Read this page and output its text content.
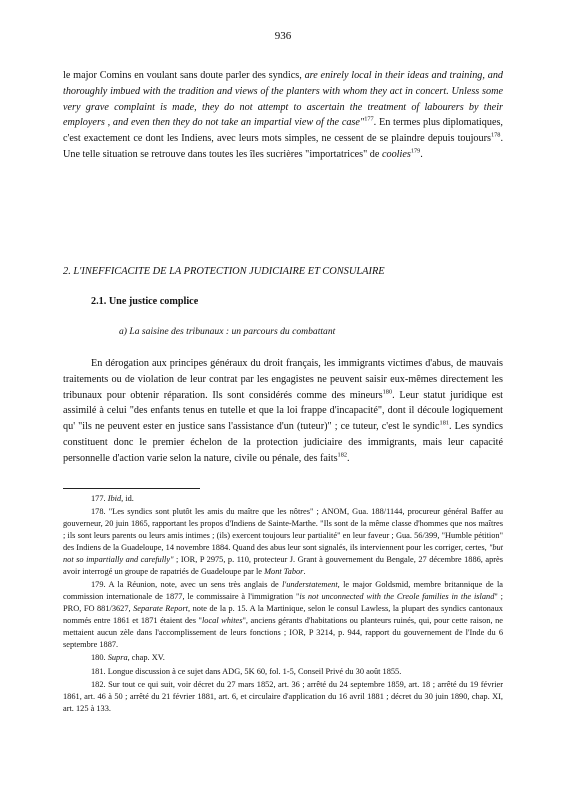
936
le major Comins en voulant sans doute parler des syndics, are enirely local in their ideas and training, and thoroughly imbued with the tradition and views of the planters with whom they act in concert. Unless some very grave complaint is made, they do not attempt to ascertain the treatment of labourers by their employers , and even then they do not take an impartial view of the case"$^{177}$. En termes plus diplomatiques, c'est exactement ce dont les Indiens, avec leurs mots simples, ne cessent de se plaindre depuis toujours$^{178}$. Une telle situation se retrouve dans toutes les îles sucrières "importatrices" de coolies$^{179}$.
2. L'INEFFICACITE DE LA PROTECTION JUDICIAIRE ET CONSULAIRE
2.1. Une justice complice
a) La saisine des tribunaux : un parcours du combattant
En dérogation aux principes généraux du droit français, les immigrants victimes d'abus, de mauvais traitements ou de violation de leur contrat par les engagistes ne peuvent saisir eux-mêmes directement les tribunaux pour obtenir réparation. Ils sont considérés comme des mineurs$^{180}$. Leur statut juridique est assimilé à celui "des enfants tenus en tutelle et que la loi frappe d'incapacité", dont il découle logiquement qu' "ils ne peuvent ester en justice sans l'assistance d'un (tuteur)" ; ce tuteur, c'est le syndic$^{181}$. Les syndics constituent donc le premier échelon de la protection judiciaire des immigrants, mais leur capacité personnelle d'action varie selon la nature, civile ou pénale, des faits$^{182}$.

177. Ibid, id.

178. "Les syndics sont plutôt les amis du maître que les nôtres" ; ANOM, Gua. 188/1144, procureur général Baffer au gouverneur, 20 juin 1865, rapportant les propos d'Indiens de Sainte-Marthe. "Ils sont de la même classe d'hommes que nos maîtres ; ils sont leurs parents ou leurs amis intimes ; (ils) exercent toujours leur partialité" en leur faveur ; Gua. 56/399, "Humble pétition" des Indiens de la Guadeloupe, 14 novembre 1884. Quand des abus leur sont signalés, ils interviennent pour les corriger, certes, "but not so impartially and carefully" ; IOR, P 2975, p. 110, protecteur J. Grant à gouvernement du Bengale, 27 décembre 1886, après avoir interrogé un groupe de rapatriés de Guadeloupe par le Mont Tabor.

179. A la Réunion, note, avec un sens très anglais de l'understatement, le major Goldsmid, membre britannique de la commission internationale de 1877, le commissaire à l'immigration "is not unconnected with the Creole families in the island" ; PRO, FO 881/3627, Separate Report, note de la p. 15. A la Martinique, selon le consul Lawless, la plupart des syndics cantonaux nommés entre 1861 et 1871 étaient des "local whites", anciens gérants d'habitations ou planteurs ruinés, qui, pour cette raison, ne mettaient aucun zèle dans l'accomplissement de leurs fonctions ; IOR, P 3214, p. 944, rapport du gouvernement de l'Inde du 6 septembre 1887.

180. Supra, chap. XV.

181. Longue discussion à ce sujet dans ADG, 5K 60, fol. 1-5, Conseil Privé du 30 août 1855.

182. Sur tout ce qui suit, voir décret du 27 mars 1852, art. 36 ; arrêté du 24 septembre 1859, art. 18 ; arrêté du 19 février 1861, art. 46 à 50 ; arrêté du 21 février 1881, art. 6, et circulaire d'application du 16 avril 1881 ; décret du 30 juin 1890, chap. XI, art. 125 à 133.
